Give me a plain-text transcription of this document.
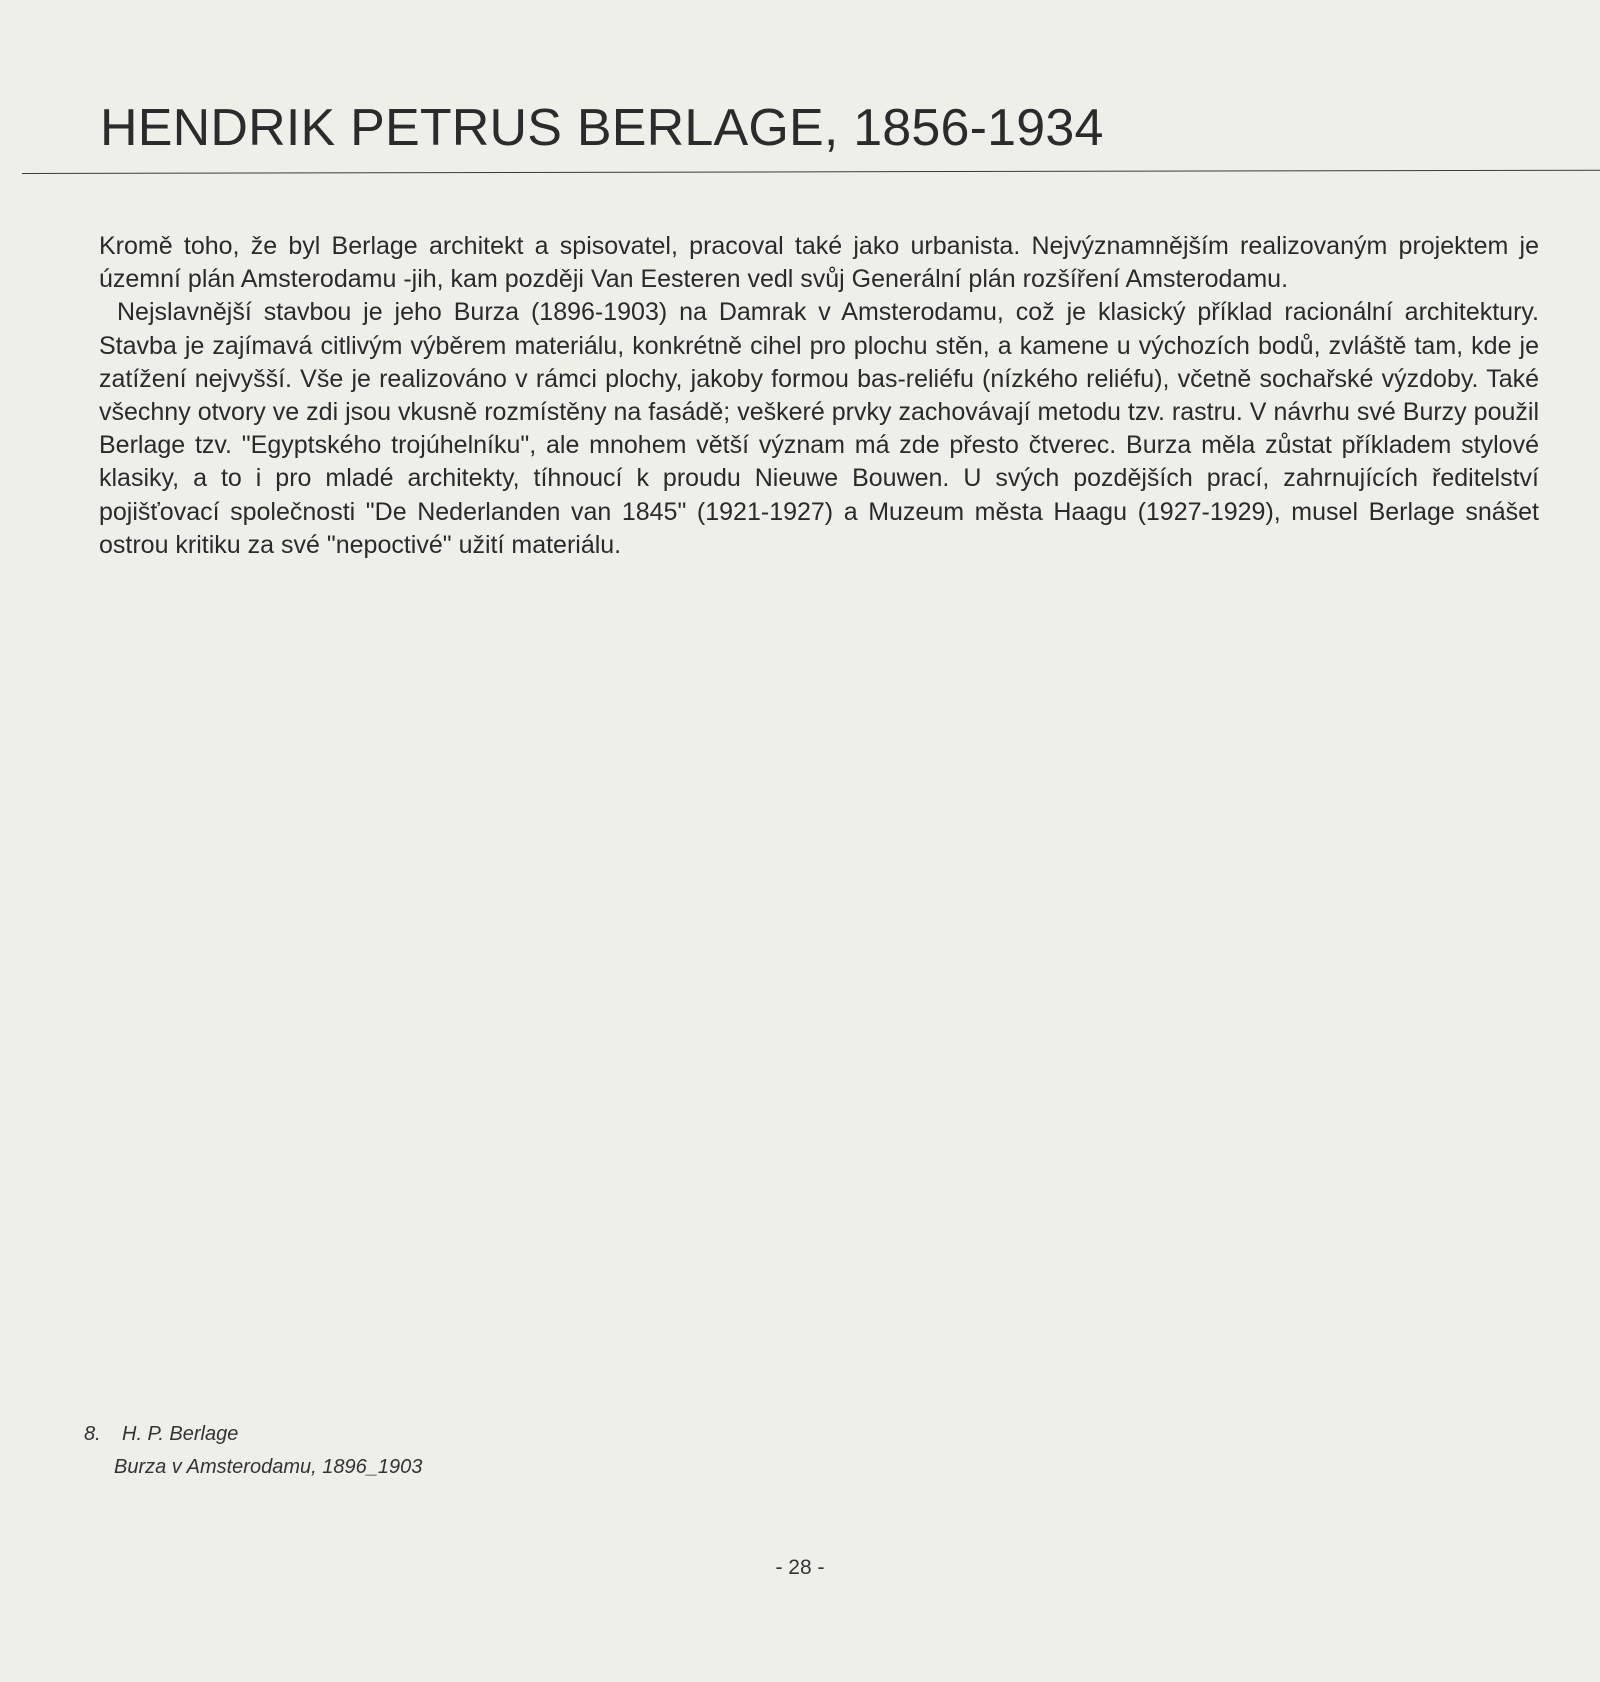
HENDRIK PETRUS BERLAGE, 1856-1934

Kromě toho, že byl Berlage architekt a spisovatel, pracoval také jako urbanista. Nejvýznamnějším realizovaným projektem je územní plán Amsterodamu -jih, kam později Van Eesteren vedl svůj Generální plán rozšíření Amsterodamu.

Nejslavnější stavbou je jeho Burza (1896-1903) na Damrak v Amsterodamu, což je klasický příklad racionální architektury. Stavba je zajímavá citlivým výběrem materiálu, konkrétně cihel pro plochu stěn, a kamene u výchozích bodů, zvláště tam, kde je zatížení nejvyšší. Vše je realizováno v rámci plochy, jakoby formou bas-reliéfu (nízkého reliéfu), včetně sochařské výzdoby. Také všechny otvory ve zdi jsou vkusně rozmístěny na fasádě; veškeré prvky zachovávají metodu tzv. rastru. V návrhu své Burzy použil Berlage tzv. "Egyptského trojúhelníku", ale mnohem větší význam má zde přesto čtverec. Burza měla zůstat příkladem stylové klasiky, a to i pro mladé architekty, tíhnoucí k proudu Nieuwe Bouwen. U svých pozdějších prací, zahrnujících ředitelství pojišťovací společnosti "De Nederlanden van 1845" (1921-1927) a Muzeum města Haagu (1927-1929), musel Berlage snášet ostrou kritiku za své "nepoctivé" užití materiálu.

8. H. P. Berlage
Burza v Amsterodamu, 1896_1903
- 28 -
